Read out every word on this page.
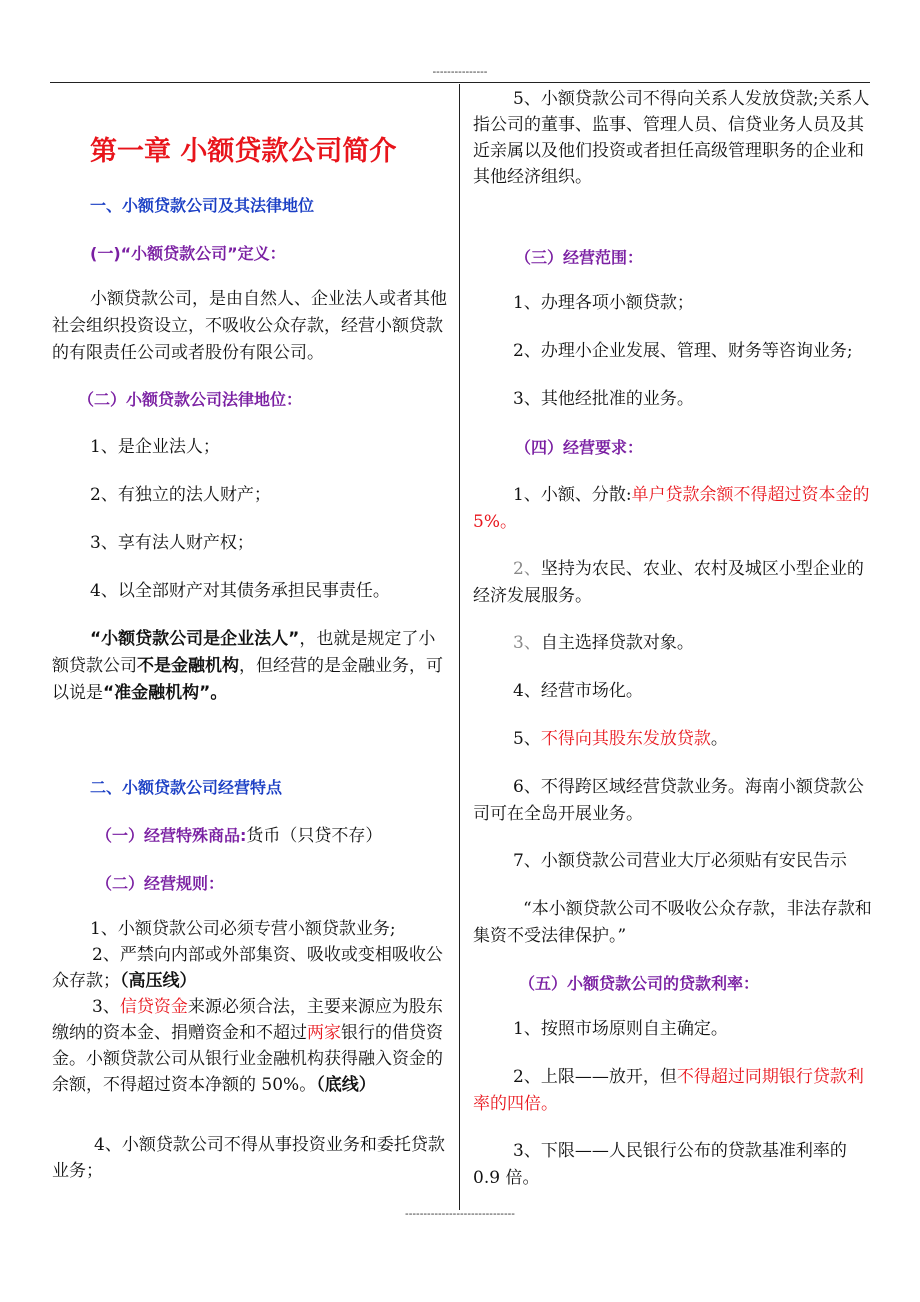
---------------
第一章 小额贷款公司简介
一、小额贷款公司及其法律地位
(一)“小额贷款公司”定义：
小额贷款公司，是由自然人、企业法人或者其他社会组织投资设立，不吸收公众存款，经营小额贷款的有限责任公司或者股份有限公司。
（二）小额贷款公司法律地位：
1、是企业法人；
2、有独立的法人财产；
3、享有法人财产权；
4、以全部财产对其债务承担民事责任。
“小额贷款公司是企业法人”，也就是规定了小额贷款公司不是金融机构，但经营的是金融业务，可以说是“准金融机构”。
二、小额贷款公司经营特点
（一）经营特殊商品:货币（只贷不存）
（二）经营规则：
1、小额贷款公司必须专营小额贷款业务;
2、严禁向内部或外部集资、吸收或变相吸收公众存款；（高压线）
3、信贷资金来源必须合法，主要来源应为股东缴纳的资本金、捐赠资金和不超过两家银行的借贷资金。小额贷款公司从银行业金融机构获得融入资金的余额，不得超过资本净额的 50%。（底线）
4、小额贷款公司不得从事投资业务和委托贷款业务；
5、小额贷款公司不得向关系人发放贷款;关系人指公司的董事、监事、管理人员、信贷业务人员及其近亲属以及他们投资或者担任高级管理职务的企业和其他经济组织。
（三）经营范围：
1、办理各项小额贷款；
2、办理小企业发展、管理、财务等咨询业务;
3、其他经批准的业务。
（四）经营要求：
1、小额、分散:单户贷款余额不得超过资本金的 5%。
2、坚持为农民、农业、农村及城区小型企业的经济发展服务。
3、自主选择贷款对象。
4、经营市场化。
5、不得向其股东发放贷款。
6、不得跨区域经营贷款业务。海南小额贷款公司可在全岛开展业务。
7、小额贷款公司营业大厅必须贴有安民告示
“本小额贷款公司不吸收公众存款，非法存款和集资不受法律保护。”
（五）小额贷款公司的贷款利率：
1、按照市场原则自主确定。
2、上限——放开，但不得超过同期银行贷款利率的四倍。
3、下限——人民银行公布的贷款基准利率的 0.9 倍。
------------------------------
